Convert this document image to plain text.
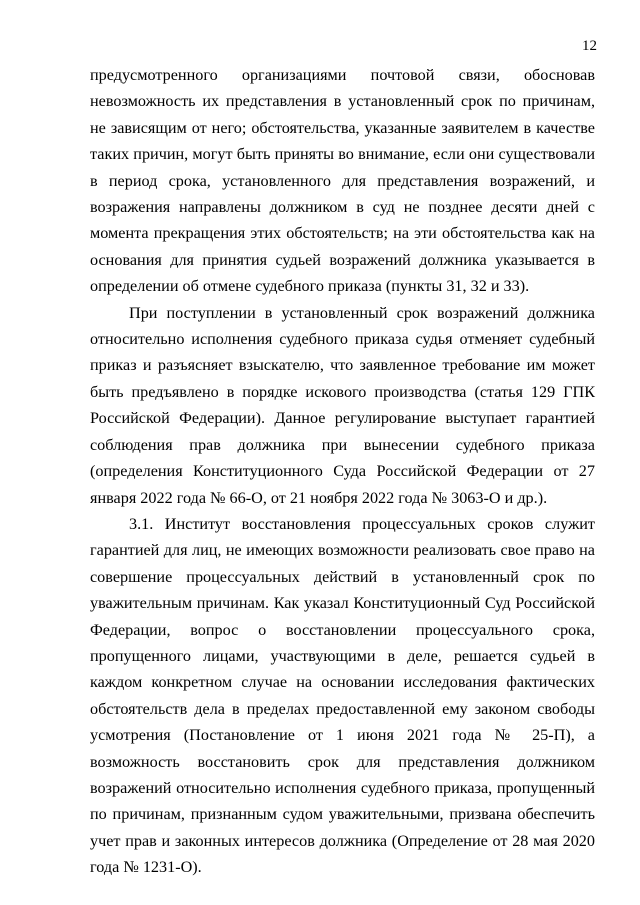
12

предусмотренного организациями почтовой связи, обосновав невозможность их представления в установленный срок по причинам, не зависящим от него; обстоятельства, указанные заявителем в качестве таких причин, могут быть приняты во внимание, если они существовали в период срока, установленного для представления возражений, и возражения направлены должником в суд не позднее десяти дней с момента прекращения этих обстоятельств; на эти обстоятельства как на основания для принятия судьей возражений должника указывается в определении об отмене судебного приказа (пункты 31, 32 и 33).

При поступлении в установленный срок возражений должника относительно исполнения судебного приказа судья отменяет судебный приказ и разъясняет взыскателю, что заявленное требование им может быть предъявлено в порядке искового производства (статья 129 ГПК Российской Федерации). Данное регулирование выступает гарантией соблюдения прав должника при вынесении судебного приказа (определения Конституционного Суда Российской Федерации от 27 января 2022 года № 66-О, от 21 ноября 2022 года № 3063-О и др.).

3.1. Институт восстановления процессуальных сроков служит гарантией для лиц, не имеющих возможности реализовать свое право на совершение процессуальных действий в установленный срок по уважительным причинам. Как указал Конституционный Суд Российской Федерации, вопрос о восстановлении процессуального срока, пропущенного лицами, участвующими в деле, решается судьей в каждом конкретном случае на основании исследования фактических обстоятельств дела в пределах предоставленной ему законом свободы усмотрения (Постановление от 1 июня 2021 года № 25-П), а возможность восстановить срок для представления должником возражений относительно исполнения судебного приказа, пропущенный по причинам, признанным судом уважительными, призвана обеспечить учет прав и законных интересов должника (Определение от 28 мая 2020 года № 1231-О).
